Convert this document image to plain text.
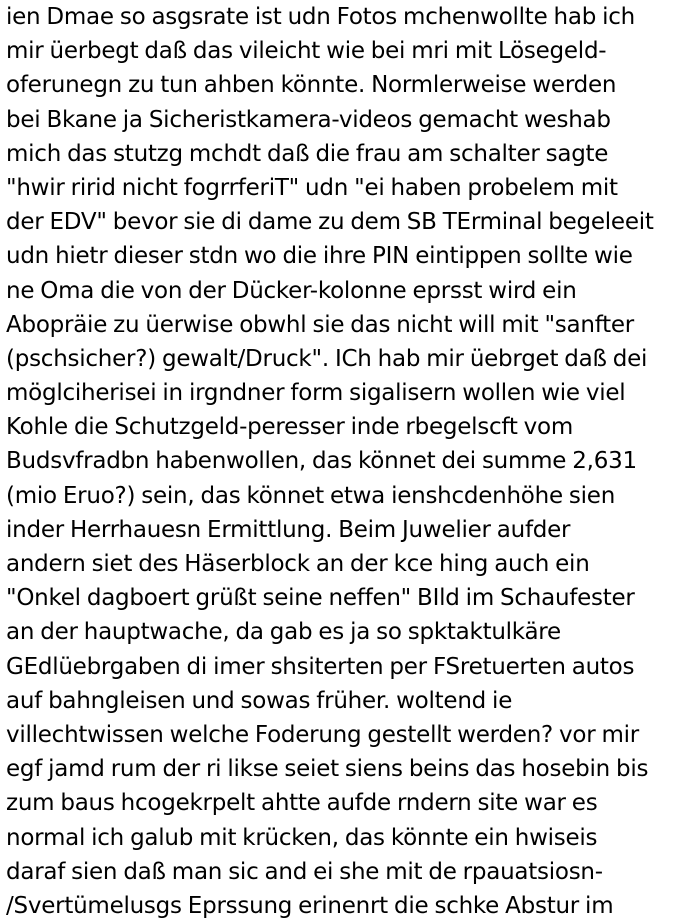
ien Dmae so asgsrate ist udn Fotos mchenwollte hab ich
mir üerbegt daß das vileicht wie bei mri mit Lösegeld-
oferunegn zu tun ahben könnte. Normlerweise werden
bei Bkane ja Sicheristkamera-videos gemacht weshab
mich das stutzg mchdt daß die frau am schalter sagte
"hwir ririd nicht fogrrferiT" udn "ei haben probelem mit
der EDV" bevor sie di dame zu dem SB TErminal begeleeit
udn hietr dieser stdn wo die ihre PIN eintippen sollte wie
ne Oma die von der Dücker-kolonne eprsst wird ein
Abopräie zu üerwise obwhl sie das nicht will mit "sanfter
(pschsicher?) gewalt/Druck". ICh hab mir üebrget daß dei
möglciherisei in irgndner form sigalisern wollen wie viel
Kohle die Schutzgeld-peresser inde rbegelscft vom
Budsvfradbn habenwollen, das könnet dei summe 2,631
(mio Eruo?) sein, das könnet etwa ienshcdenhöhe sien
inder Herrhauesn Ermittlung. Beim Juwelier aufder
andern siet des Häserblock an der kce hing auch ein
"Onkel dagboert grüßt seine neffen" BIld im Schaufester
an der hauptwache, da gab es ja so spktaktulkäre
GEdlüebrgaben di imer shsiterten per FSretuerten autos
auf bahngleisen und sowas früher. woltend ie
villechtwissen welche Foderung gestellt werden? vor mir
egf jamd rum der ri likse seiet siens beins das hosebin bis
zum baus hcogekrpelt ahtte aufde rndern site war es
normal ich galub mit krücken, das könnte ein hwiseis
daraf sien daß man sic and ei she mit de rpauatsiosn-
/Svertümelusgs Eprssung erinenrt die schke Abstur im
